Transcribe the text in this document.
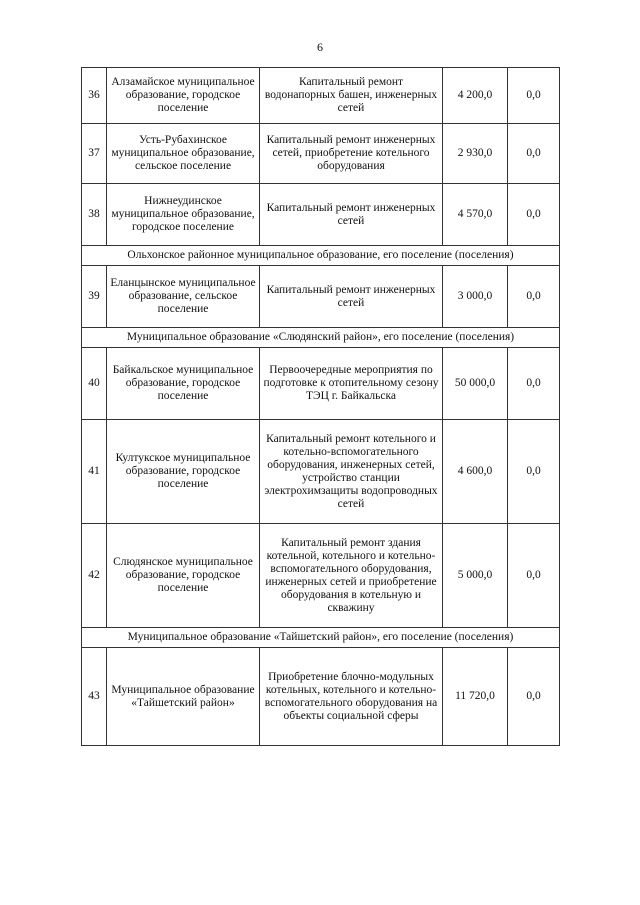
6
36	Алзамайское муниципальное образование, городское поселение	Капитальный ремонт водонапорных башен, инженерных сетей	4 200,0	0,0
37	Усть-Рубахинское муниципальное образование, сельское поселение	Капитальный ремонт инженерных сетей, приобретение котельного оборудования	2 930,0	0,0
38	Нижнеудинское муниципальное образование, городское поселение	Капитальный ремонт инженерных сетей	4 570,0	0,0
Ольхонское районное муниципальное образование, его поселение (поселения)				
39	Еланцынское муниципальное образование, сельское поселение	Капитальный ремонт инженерных сетей	3 000,0	0,0
Муниципальное образование «Слюдянский район», его поселение (поселения)				
40	Байкальское муниципальное образование, городское поселение	Первоочередные мероприятия по подготовке к отопительному сезону ТЭЦ г. Байкальска	50 000,0	0,0
41	Култукское муниципальное образование, городское поселение	Капитальный ремонт котельного и котельно-вспомогательного оборудования, инженерных сетей, устройство станции электрохимзащиты водопроводных сетей	4 600,0	0,0
42	Слюдянское муниципальное образование, городское поселение	Капитальный ремонт здания котельной, котельного и котельно-вспомогательного оборудования, инженерных сетей и приобретение оборудования в котельную и скважину	5 000,0	0,0
Муниципальное образование «Тайшетский район», его поселение (поселения)				
43	Муниципальное образование «Тайшетский район»	Приобретение блочно-модульных котельных, котельного и котельно-вспомогательного оборудования на объекты социальной сферы	11 720,0	0,0
